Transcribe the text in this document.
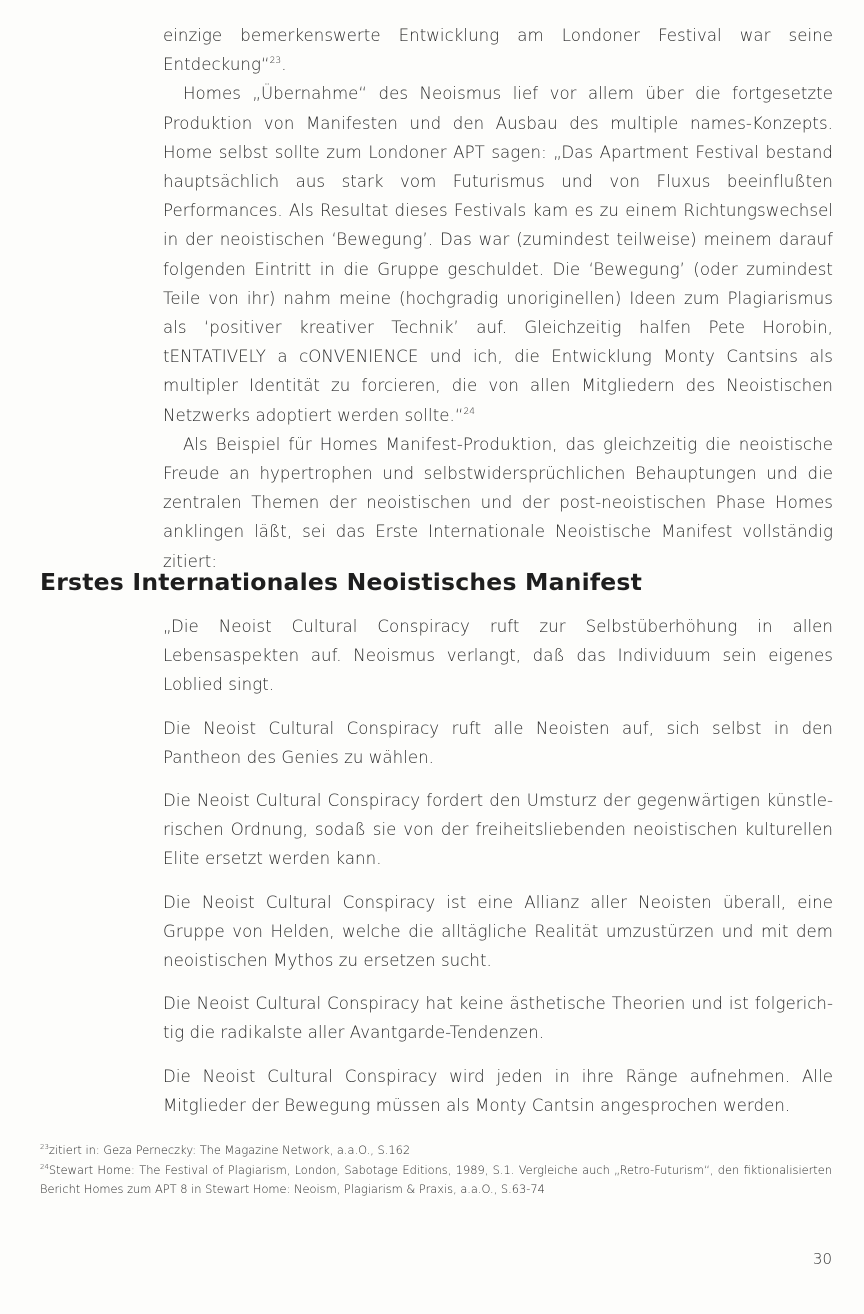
einzige bemerkenswerte Entwicklung am Londoner Festival war seine Entdeckung“$^{23}$.

Homes „Übernahme“ des Neoismus lief vor allem über die fortgesetzte Produktion von Manifesten und den Ausbau des multiple names-Konzepts. Home selbst sollte zum Londoner APT sagen: „Das Apartment Festival bestand hauptsächlich aus stark vom Futurismus und von Fluxus beeinflußten Performances. Als Resultat dieses Festivals kam es zu einem Richtungswechsel in der neoistischen ‘Bewegung’. Das war (zumindest teilweise) meinem darauf folgenden Eintritt in die Gruppe geschuldet. Die ‘Bewegung’ (oder zumindest Teile von ihr) nahm meine (hochgradig unoriginellen) Ideen zum Plagiarismus als ‘positiver kreativer Technik’ auf. Gleichzeitig halfen Pete Horobin, tENTATIVELY a cONVENIENCE und ich, die Entwicklung Monty Cantsins als multipler Identität zu forcieren, die von allen Mitgliedern des Neoistischen Netzwerks adoptiert werden sollte.“$^{24}$

Als Beispiel für Homes Manifest-Produktion, das gleichzeitig die neoistische Freude an hypertrophen und selbstwidersprüchlichen Behauptungen und die zentralen Themen der neoistischen und der post-neoistischen Phase Homes anklingen läßt, sei das Erste Internationale Neoistische Manifest vollständig zitiert:

Erstes Internationales Neoistisches Manifest

„Die Neoist Cultural Conspiracy ruft zur Selbstüberhöhung in allen Lebensaspekten auf. Neoismus verlangt, daß das Individuum sein eigenes Loblied singt.

Die Neoist Cultural Conspiracy ruft alle Neoisten auf, sich selbst in den Pantheon des Genies zu wählen.

Die Neoist Cultural Conspiracy fordert den Umsturz der gegenwärtigen künstlerischen Ordnung, sodaß sie von der freiheitsliebenden neoistischen kulturellen Elite ersetzt werden kann.

Die Neoist Cultural Conspiracy ist eine Allianz aller Neoisten überall, eine Gruppe von Helden, welche die alltägliche Realität umzustürzen und mit dem neoistischen Mythos zu ersetzen sucht.

Die Neoist Cultural Conspiracy hat keine ästhetische Theorien und ist folgerichtig die radikalste aller Avantgarde-Tendenzen.

Die Neoist Cultural Conspiracy wird jeden in ihre Ränge aufnehmen. Alle Mitglieder der Bewegung müssen als Monty Cantsin angesprochen werden.

$^{23}$zitiert in: Geza Perneczky: The Magazine Network, a.a.O., S.162

$^{24}$Stewart Home: The Festival of Plagiarism, London, Sabotage Editions, 1989, S.1. Vergleiche auch „Retro-Futurism“, den fiktionalisierten Bericht Homes zum APT 8 in Stewart Home: Neoism, Plagiarism & Praxis, a.a.O., S.63-74

30
